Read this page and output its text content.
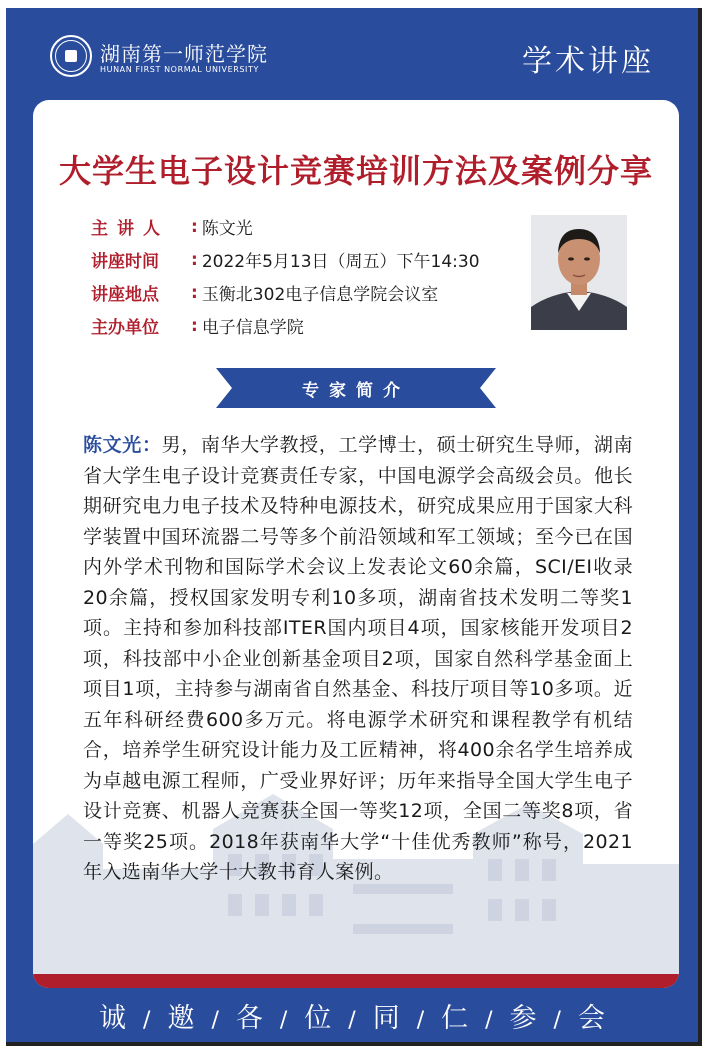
湖南第一师范学院
HUNAN FIRST NORMAL UNIVERSITY	学术讲座
大学生电子设计竞赛培训方法及案例分享
主讲人	: 陈文光
讲座时间	: 2022年5月13日（周五）下午14:30
讲座地点	: 玉衡北302电子信息学院会议室
主办单位	: 电子信息学院
专家简介
陈文光：男，南华大学教授，工学博士，硕士研究生导师，湖南省大学生电子设计竞赛责任专家，中国电源学会高级会员。他长期研究电力电子技术及特种电源技术，研究成果应用于国家大科学装置中国环流器二号等多个前沿领域和军工领域；至今已在国内外学术刊物和国际学术会议上发表论文60余篇，SCI/EI收录20余篇，授权国家发明专利10多项，湖南省技术发明二等奖1项。主持和参加科技部ITER国内项目4项，国家核能开发项目2项，科技部中小企业创新基金项目2项，国家自然科学基金面上项目1项，主持参与湖南省自然基金、科技厅项目等10多项。近五年科研经费600多万元。将电源学术研究和课程教学有机结合，培养学生研究设计能力及工匠精神，将400余名学生培养成为卓越电源工程师，广受业界好评；历年来指导全国大学生电子设计竞赛、机器人竞赛获全国一等奖12项，全国二等奖8项，省一等奖25项。2018年获南华大学“十佳优秀教师”称号，2021年入选南华大学十大教书育人案例。
诚 / 邀 / 各 / 位 / 同 / 仁 / 参 / 会
